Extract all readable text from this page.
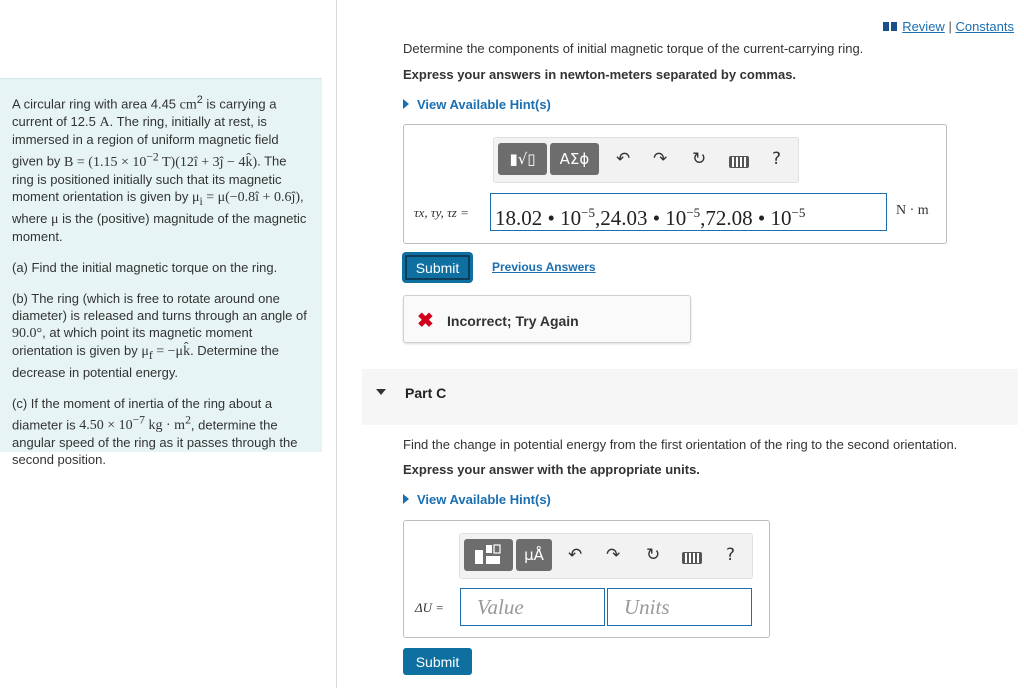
Review | Constants

A circular ring with area 4.45 $cm^2$ is carrying a current of 12.5 A. The ring, initially at rest, is immersed in a region of uniform magnetic field given by $B = (1.15 \times 10^{-2}$ T)(12î + 3ĵ − 4k̂). The ring is positioned initially such that its magnetic moment orientation is given by $\mu_i$ = μ(−0.8î + 0.6ĵ), where μ is the (positive) magnitude of the magnetic moment.

(a) Find the initial magnetic torque on the ring.

(b) The ring (which is free to rotate around one diameter) is released and turns through an angle of 90.0°, at which point its magnetic moment orientation is given by $\mu_f$ = −μk̂. Determine the decrease in potential energy.

(c) If the moment of inertia of the ring about a diameter is $4.50 \times 10^{-7}$ kg · $m^2$, determine the angular speed of the ring as it passes through the second position.

Determine the components of initial magnetic torque of the current-carrying ring.
Express your answers in newton-meters separated by commas.
View Available Hint(s)
▮√▯	ΑΣϕ	↶ ↷ ↻	?
τx, τy, τz = 18.02 • $10^{-5},24.03$ • $10^{-5},72.08$ • $10^{-5}$	N · m
Submit	Previous Answers
✖ Incorrect; Try Again
Part C
Find the change in potential energy from the first orientation of the ring to the second orientation.
Express your answer with the appropriate units.
View Available Hint(s)
μÅ	↶ ↷ ↻	?
ΔU =	Value	Units
Submit
